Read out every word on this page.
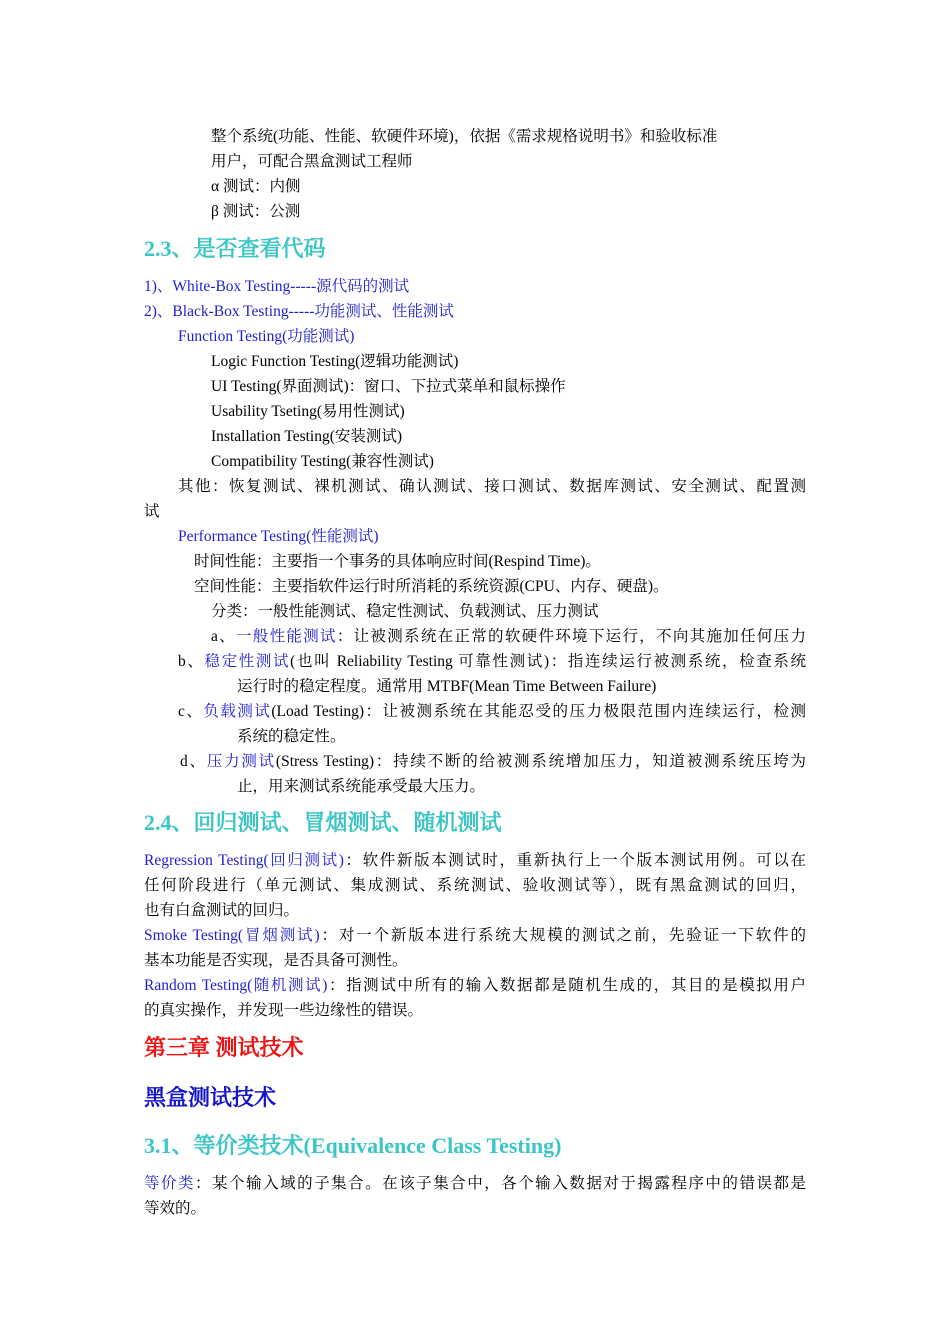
整个系统(功能、性能、软硬件环境)，依据《需求规格说明书》和验收标准
用户，可配合黑盒测试工程师
α 测试：内侧
β 测试：公测
2.3、是否查看代码
1)、White-Box Testing-----源代码的测试
2)、Black-Box Testing-----功能测试、性能测试
Function Testing(功能测试)
Logic Function Testing(逻辑功能测试)
UI Testing(界面测试)：窗口、下拉式菜单和鼠标操作
Usability Tseting(易用性测试)
Installation Testing(安装测试)
Compatibility Testing(兼容性测试)
其他：恢复测试、裸机测试、确认测试、接口测试、数据库测试、安全测试、配置测
试
Performance Testing(性能测试)
时间性能：主要指一个事务的具体响应时间(Respind Time)。
空间性能：主要指软件运行时所消耗的系统资源(CPU、内存、硬盘)。
分类：一般性能测试、稳定性测试、负载测试、压力测试
a、一般性能测试：让被测系统在正常的软硬件环境下运行，不向其施加任何压力
b、稳定性测试(也叫 Reliability Testing 可靠性测试)：指连续运行被测系统，检查系统
运行时的稳定程度。通常用 MTBF(Mean Time Between Failure)
c、负载测试(Load Testing)：让被测系统在其能忍受的压力极限范围内连续运行，检测
系统的稳定性。
d、压力测试(Stress Testing)：持续不断的给被测系统增加压力，知道被测系统压垮为
止，用来测试系统能承受最大压力。
2.4、回归测试、冒烟测试、随机测试
Regression Testing(回归测试)：软件新版本测试时，重新执行上一个版本测试用例。可以在
任何阶段进行（单元测试、集成测试、系统测试、验收测试等），既有黑盒测试的回归，
也有白盒测试的回归。
Smoke Testing(冒烟测试)：对一个新版本进行系统大规模的测试之前，先验证一下软件的
基本功能是否实现，是否具备可测性。
Random Testing(随机测试)：指测试中所有的输入数据都是随机生成的，其目的是模拟用户
的真实操作，并发现一些边缘性的错误。
第三章 测试技术
黑盒测试技术
3.1、等价类技术(Equivalence Class Testing)
等价类：某个输入域的子集合。在该子集合中，各个输入数据对于揭露程序中的错误都是
等效的。
